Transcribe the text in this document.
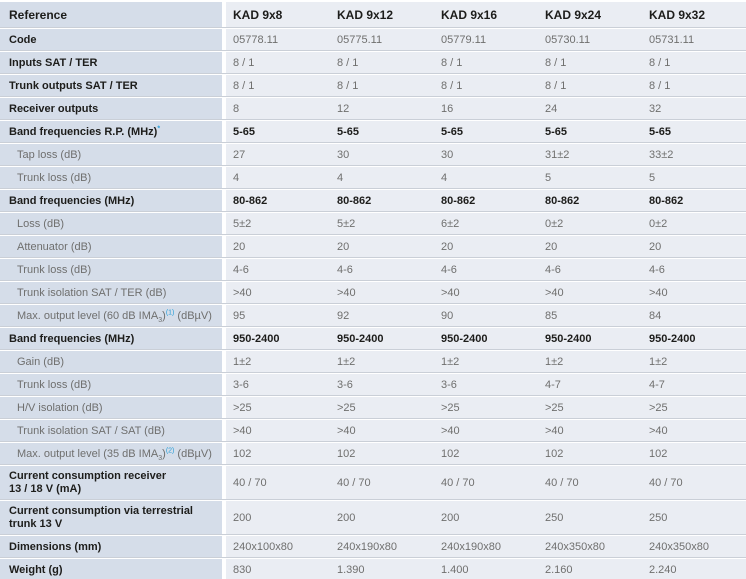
Reference	KAD 9x8	KAD 9x12	KAD 9x16	KAD 9x24	KAD 9x32
Code	05778.11	05775.11	05779.11	05730.11	05731.11
Inputs SAT / TER	8 / 1	8 / 1	8 / 1	8 / 1	8 / 1
Trunk outputs SAT / TER	8 / 1	8 / 1	8 / 1	8 / 1	8 / 1
Receiver outputs	8	12	16	24	32
Band frequencies R.P. (MHz)*	5-65	5-65	5-65	5-65	5-65
Tap loss (dB)	27	30	30	31±2	33±2
Trunk loss (dB)	4	4	4	5	5
Band frequencies (MHz)	80-862	80-862	80-862	80-862	80-862
Loss (dB)	5±2	5±2	6±2	0±2	0±2
Attenuator (dB)	20	20	20	20	20
Trunk loss (dB)	4-6	4-6	4-6	4-6	4-6
Trunk isolation SAT / TER (dB)	>40	>40	>40	>40	>40
Max. output level (60 dB $IMA_3)^{(1)}$ (dBµV)	95	92	90	85	84
Band frequencies (MHz)	950-2400	950-2400	950-2400	950-2400	950-2400
Gain (dB)	1±2	1±2	1±2	1±2	1±2
Trunk loss (dB)	3-6	3-6	3-6	4-7	4-7
H/V isolation (dB)	>25	>25	>25	>25	>25
Trunk isolation SAT / SAT (dB)	>40	>40	>40	>40	>40
Max. output level (35 dB $IMA_3)^{(2)}$ (dBµV)	102	102	102	102	102
Current consumption receiver
13 / 18 V (mA)	40 / 70	40 / 70	40 / 70	40 / 70	40 / 70
Current consumption via terrestrial
trunk 13 V	200	200	200	250	250
Dimensions (mm)	240x100x80	240x190x80	240x190x80	240x350x80	240x350x80
Weight (g)	830	1.390	1.400	2.160	2.240
